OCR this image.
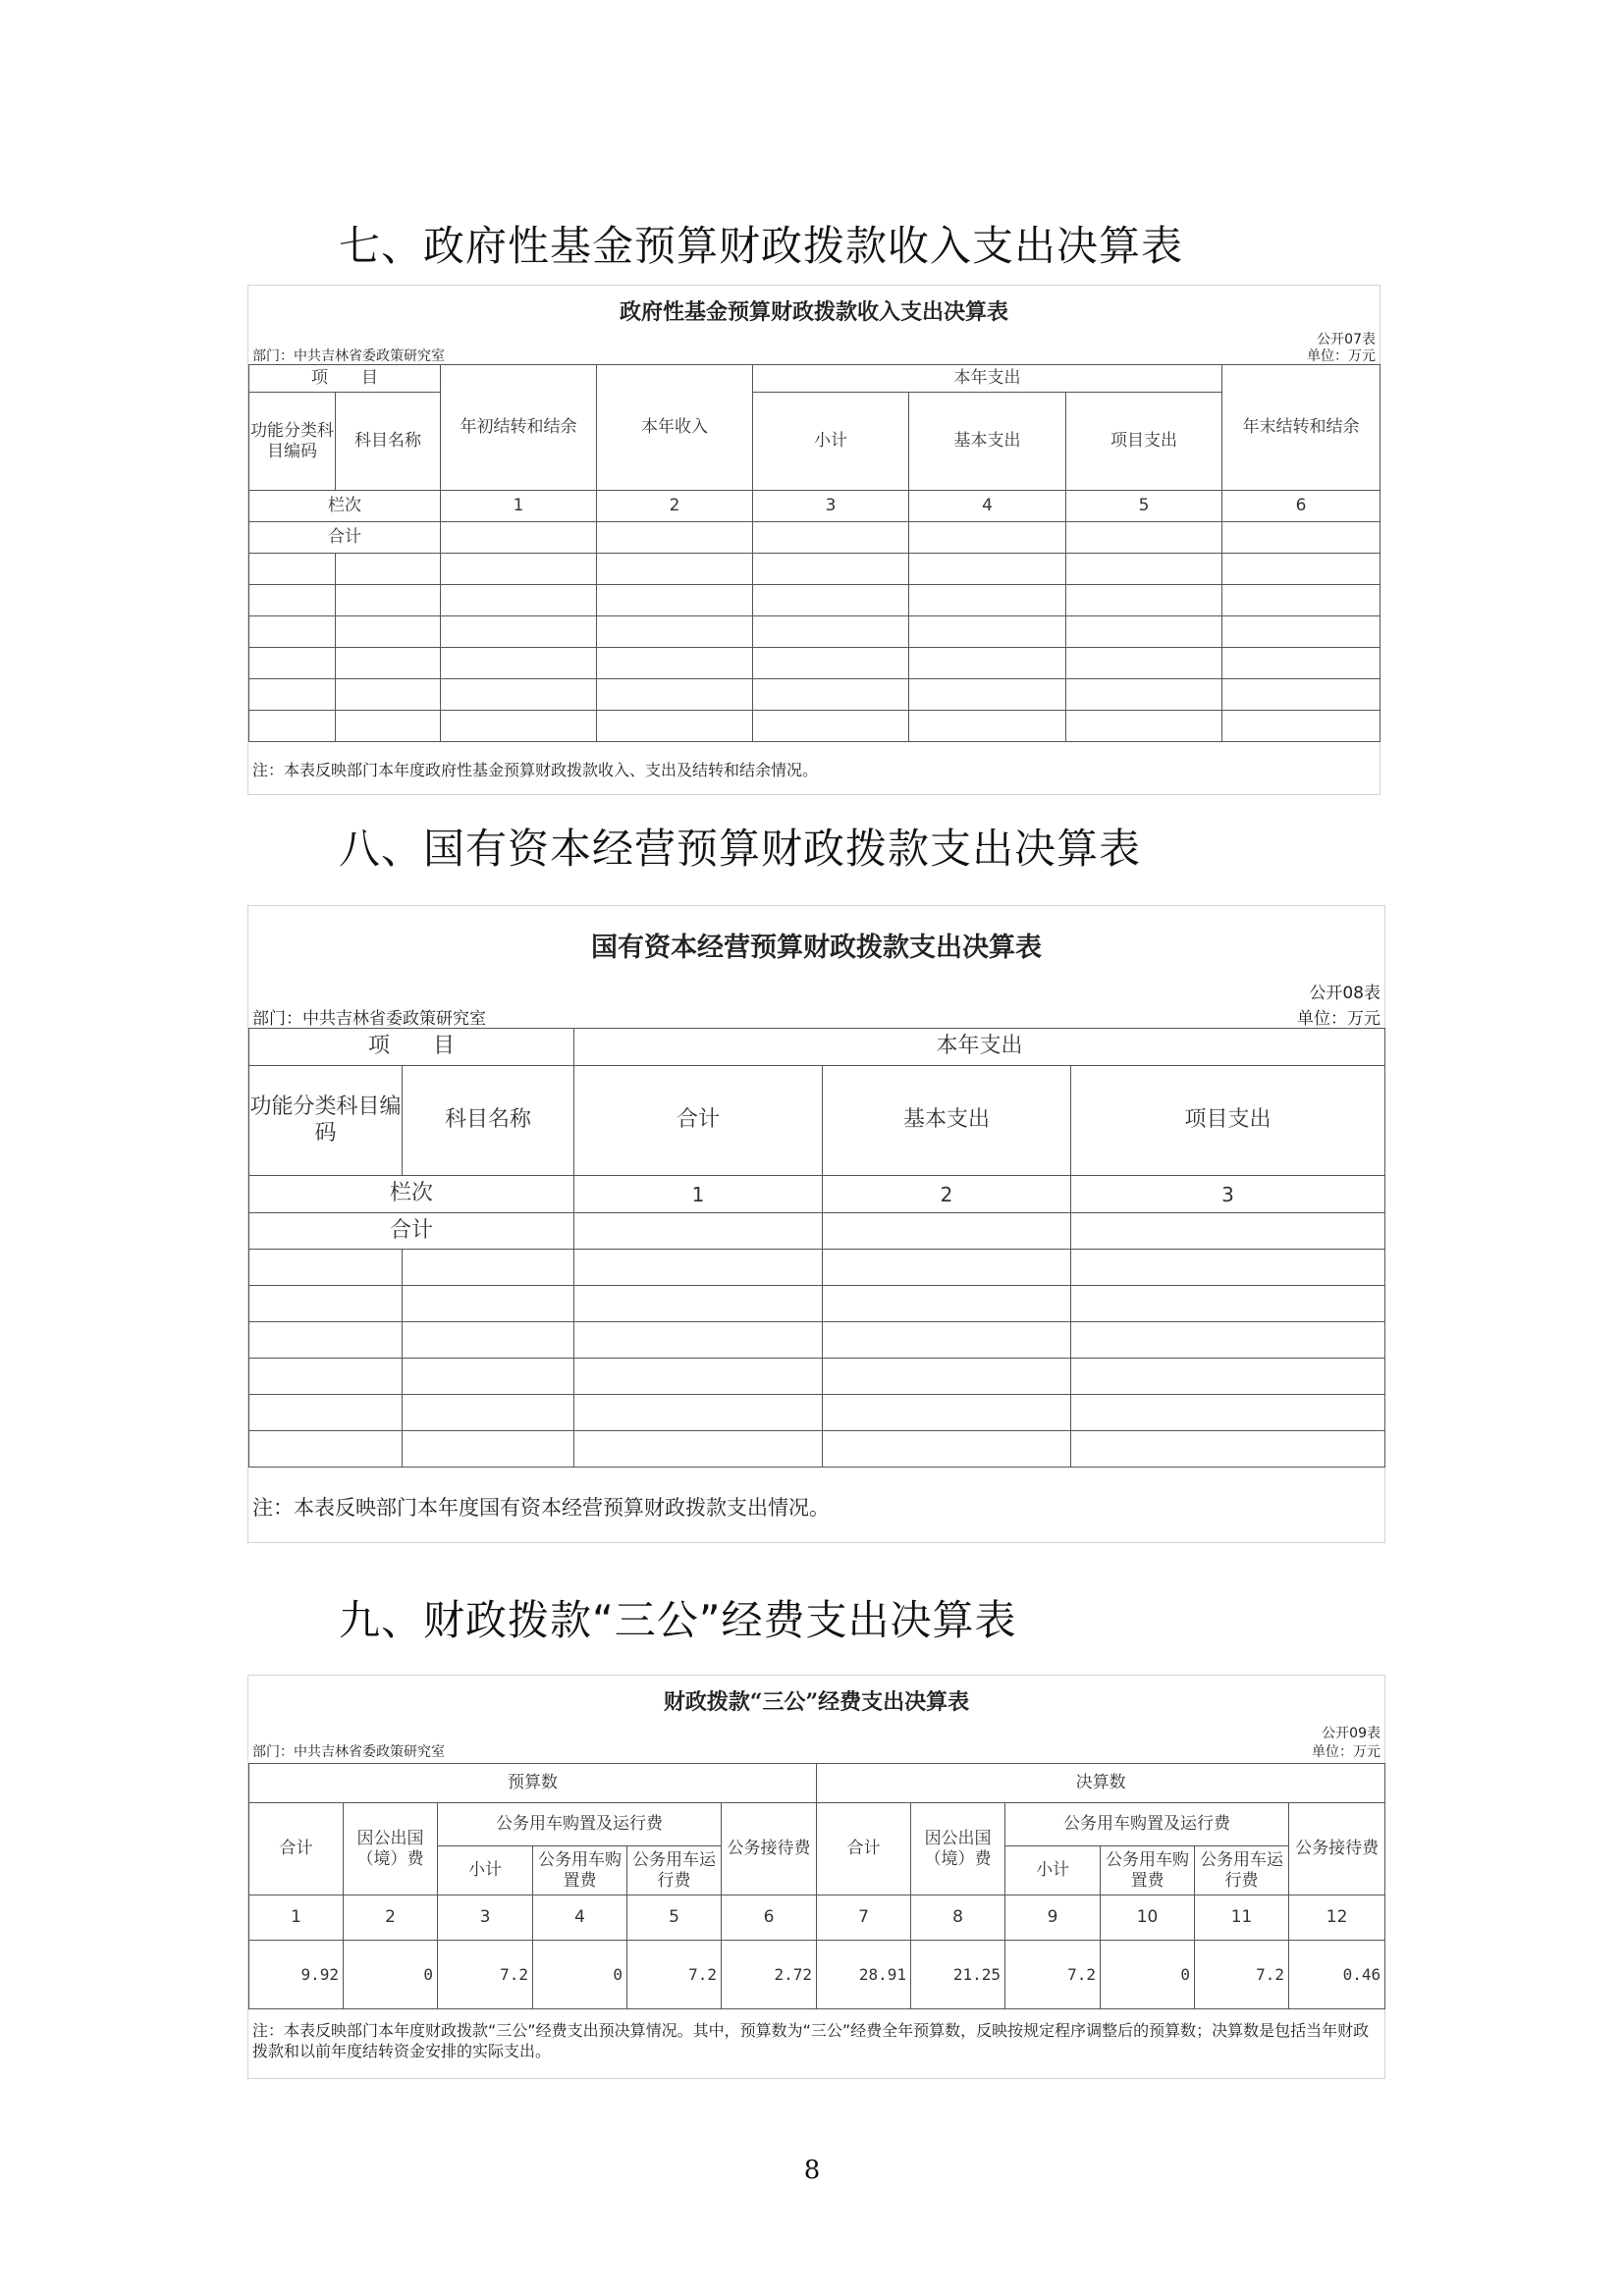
七、政府性基金预算财政拨款收入支出决算表
政府性基金预算财政拨款收入支出决算表
公开07表
部门：中共吉林省委政策研究室	单位：万元
项　　目		年初结转和结余	本年收入	本年支出			年末结转和结余
功能分类科目编码	科目名称			小计	基本支出	项目支出	
栏次		1	2	3	4	5	6
合计							

注：本表反映部门本年度政府性基金预算财政拨款收入、支出及结转和结余情况。
八、国有资本经营预算财政拨款支出决算表
国有资本经营预算财政拨款支出决算表
公开08表
部门：中共吉林省委政策研究室	单位：万元
项　　目		本年支出		
功能分类科目编码	科目名称	合计	基本支出	项目支出
栏次		1	2	3
合计				

注：本表反映部门本年度国有资本经营预算财政拨款支出情况。
九、财政拨款“三公”经费支出决算表
财政拨款“三公”经费支出决算表
公开09表
部门：中共吉林省委政策研究室	单位：万元
预算数						决算数					
合计	因公出国（境）费	公务用车购置及运行费			公务接待费	合计	因公出国（境）费	公务用车购置及运行费			公务接待费
		小计	公务用车购置费	公务用车运行费				小计	公务用车购置费	公务用车运行费	
1	2	3	4	5	6	7	8	9	10	11	12
9.92	0	7.2	0	7.2	2.72	28.91	21.25	7.2	0	7.2	0.46
注：本表反映部门本年度财政拨款“三公”经费支出预决算情况。其中，预算数为“三公”经费全年预算数，反映按规定程序调整后的预算数；决算数是包括当年财政拨款和以前年度结转资金安排的实际支出。
8
